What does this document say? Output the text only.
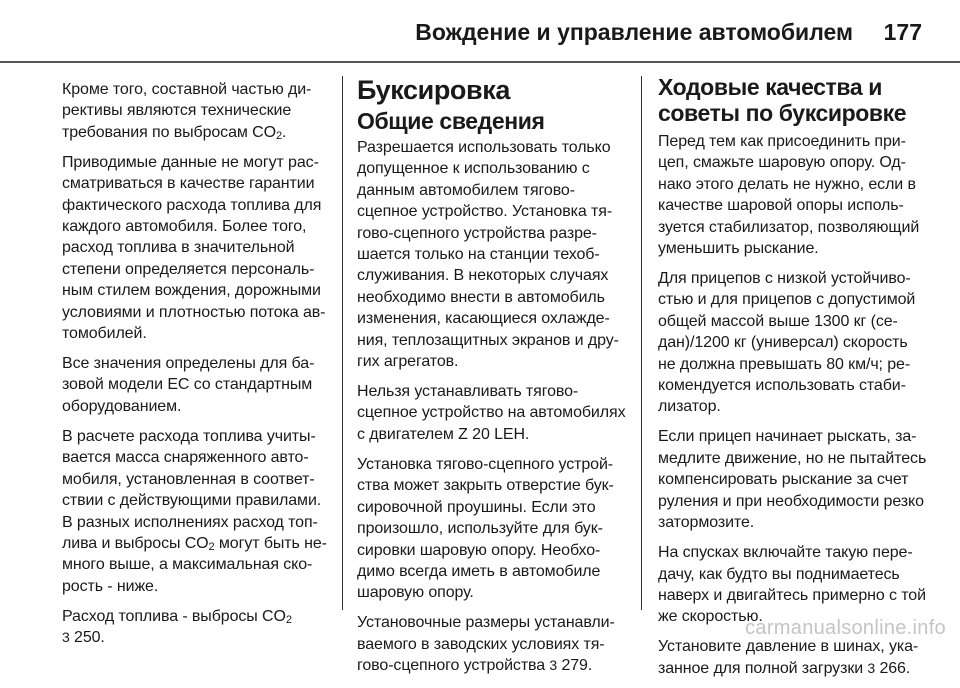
Вождение и управление автомобилем 177

Кроме того, составной частью директивы являются технические требования по выбросам $CO_2$.

Приводимые данные не могут рассматриваться в качестве гарантии фактического расхода топлива для каждого автомобиля. Более того, расход топлива в значительной степени определяется персональным стилем вождения, дорожными условиями и плотностью потока автомобилей.

Все значения определены для базовой модели ЕС со стандартным оборудованием.

В расчете расхода топлива учитывается масса снаряженного автомобиля, установленная в соответствии с действующими правилами. В разных исполнениях расход топлива и выбросы $CO_2$ могут быть немного выше, а максимальная скорость - ниже.

Расход топлива - выбросы $CO_2$

3 250.

Буксировка
Общие сведения

Разрешается использовать только допущенное к использованию с данным автомобилем тяговосцепное устройство. Установка тягово-сцепного устройства разрешается только на станции техобслуживания. В некоторых случаях необходимо внести в автомобиль изменения, касающиеся охлаждения, теплозащитных экранов и других агрегатов.

Нельзя устанавливать тяговосцепное устройство на автомобилях с двигателем Z 20 LEH.

Установка тягово-сцепного устройства может закрыть отверстие буксировочной проушины. Если это произошло, используйте для буксировки шаровую опору. Необходимо всегда иметь в автомобиле шаровую опору.

Установочные размеры устанавливаемого в заводских условиях тягово-сцепного устройства 3 279.

Ходовые качества и советы по буксировке

Перед тем как присоединить прицеп, смажьте шаровую опору. Однако этого делать не нужно, если в качестве шаровой опоры используется стабилизатор, позволяющий уменьшить рыскание.

Для прицепов с низкой устойчивостью и для прицепов с допустимой общей массой выше 1300 кг (седан)/1200 кг (универсал) скорость не должна превышать 80 км/ч; рекомендуется использовать стабилизатор.

Если прицеп начинает рыскать, замедлите движение, но не пытайтесь компенсировать рыскание за счет руления и при необходимости резко затормозите.

На спусках включайте такую передачу, как будто вы поднимаетесь наверх и двигайтесь примерно с той же скоростью.

Установите давление в шинах, указанное для полной загрузки 3 266.

carmanualsonline.info
